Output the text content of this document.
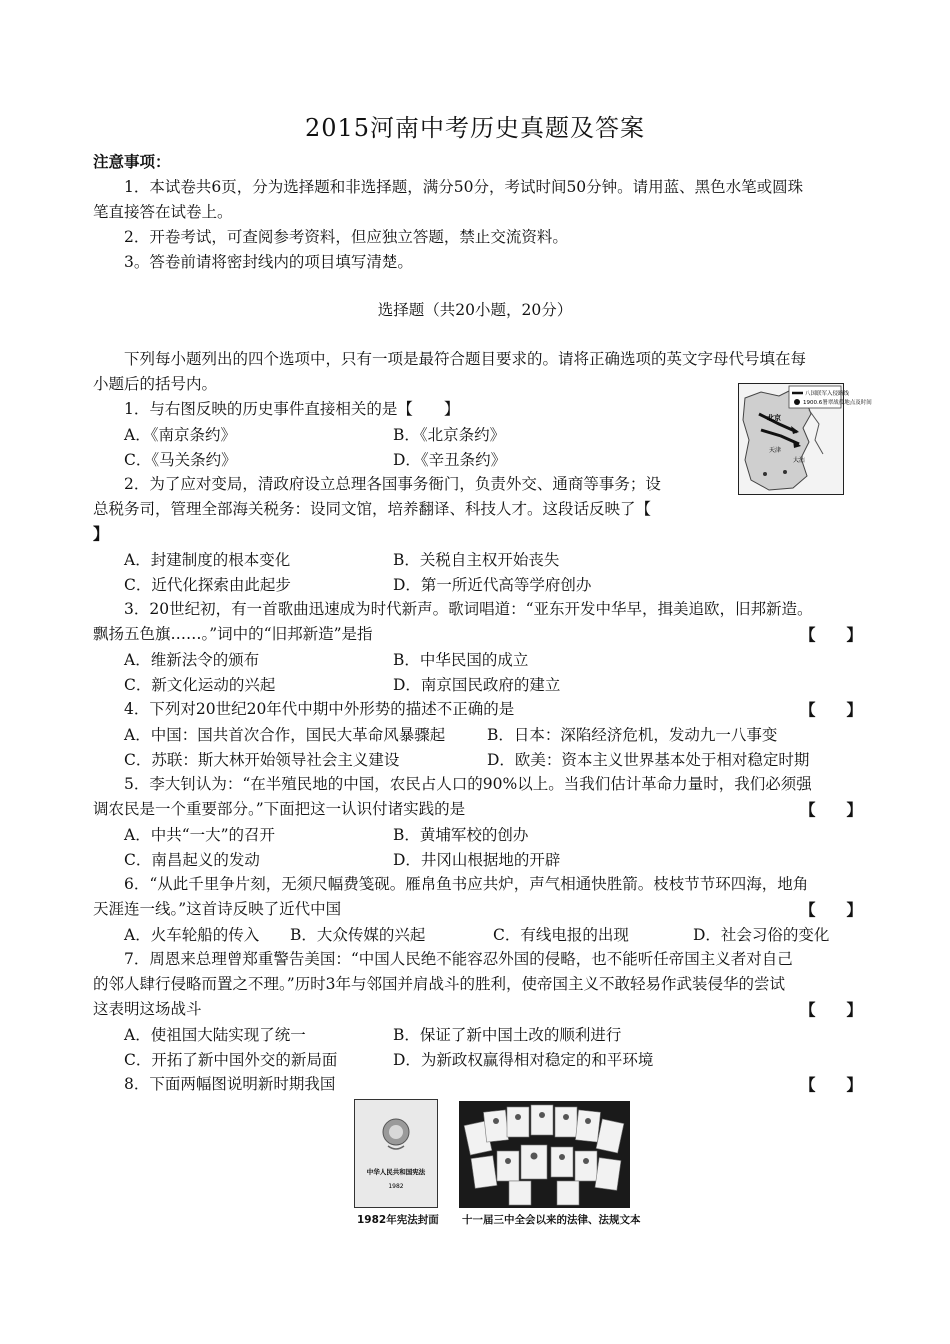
2015河南中考历史真题及答案
注意事项：
1．本试卷共6页，分为选择题和非选择题，满分50分，考试时间50分钟。请用蓝、黑色水笔或圆珠
笔直接答在试卷上。
2．开卷考试，可查阅参考资料，但应独立答题，禁止交流资料。
3。答卷前请将密封线内的项目填写清楚。
选择题（共20小题，20分）
下列每小题列出的四个选项中，只有一项是最符合题目要求的。请将正确选项的英文字母代号填在每
小题后的括号内。
八国联军入侵路线
1900.6署翠战役地点及时间
北京
天津
大沽
1．与右图反映的历史事件直接相关的是【　　】
A．《南京条约》	B．《北京条约》
C．《马关条约》	D．《辛丑条约》
2．为了应对变局，清政府设立总理各国事务衙门，负责外交、通商等事务；设
总税务司，管理全部海关税务：设同文馆，培养翻译、科技人才。这段话反映了【
】
A．封建制度的根本变化	B．关税自主权开始丧失
C．近代化探索由此起步	D．第一所近代高等学府创办
3．20世纪初，有一首歌曲迅速成为时代新声。歌词唱道：“亚东开发中华早，揖美追欧，旧邦新造。
飘扬五色旗……。”词中的“旧邦新造”是指	【　　】
A．维新法令的颁布	B．中华民国的成立
C．新文化运动的兴起	D．南京国民政府的建立
4．下列对20世纪20年代中期中外形势的描述不正确的是	【　　】
A．中国：国共首次合作，国民大革命风暴骤起	B．日本：深陷经济危机，发动九一八事变
C．苏联：斯大林开始领导社会主义建设	D．欧美：资本主义世界基本处于相对稳定时期
5．李大钊认为：“在半殖民地的中国，农民占人口的90%以上。当我们估计革命力量时，我们必须强
调农民是一个重要部分。”下面把这一认识付诸实践的是	【　　】
A．中共“一大”的召开	B．黄埔军校的创办
C．南昌起义的发动	D．井冈山根据地的开辟
6．“从此千里争片刻，无须尺幅费笺砚。雁帛鱼书应共炉，声气相通快胜箭。枝枝节节环四海，地角
天涯连一线。”这首诗反映了近代中国	【　　】
A．火车轮船的传入 B．大众传媒的兴起	C．有线电报的出现	D．社会习俗的变化
7．周恩来总理曾郑重警告美国：“中国人民绝不能容忍外国的侵略，也不能听任帝国主义者对自己
的邻人肆行侵略而置之不理。”历时3年与邻国并肩战斗的胜利，使帝国主义不敢轻易作武装侵华的尝试
这表明这场战斗	【　　】
A．使祖国大陆实现了统一	B．保证了新中国土改的顺利进行
C．开拓了新中国外交的新局面	D．为新政权赢得相对稳定的和平环境
8．下面两幅图说明新时期我国	【　　】
中华人民共和国宪法
1982
1982年宪法封面 十一届三中全会以来的法律、法规文本
